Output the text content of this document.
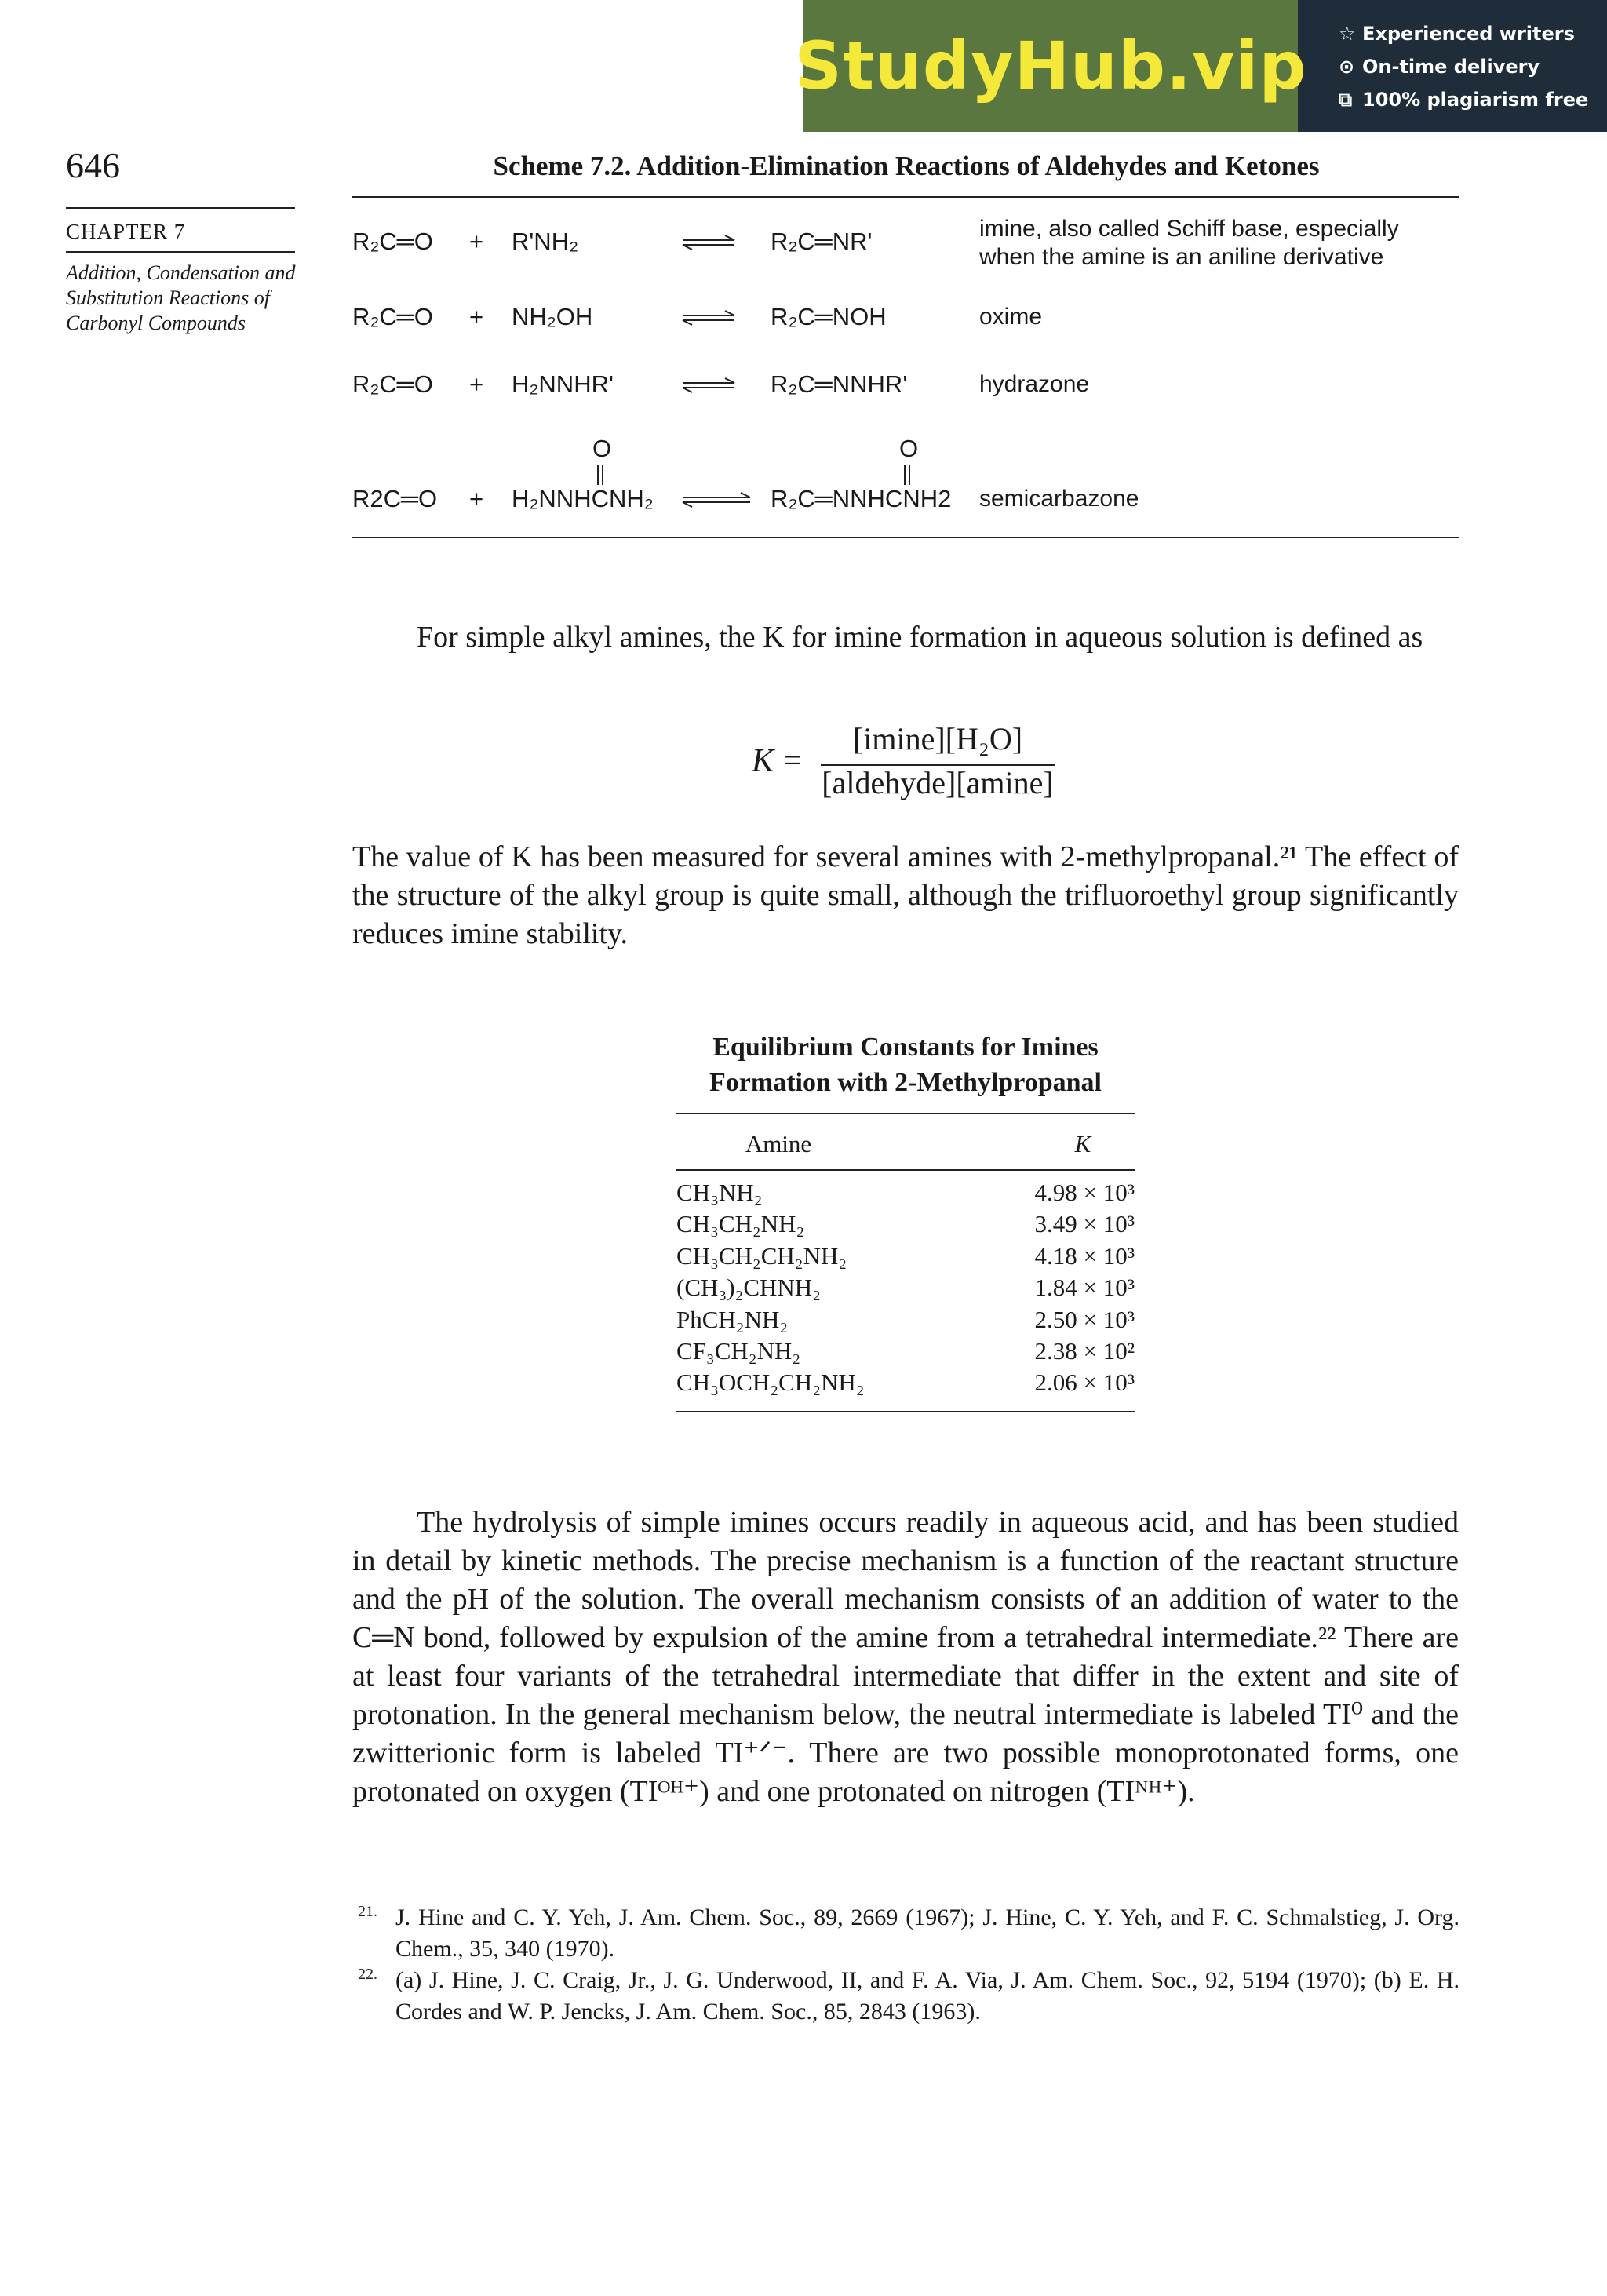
StudyHub.vip ☆ Experienced writers
⊙ On-time delivery
⧉ 100% plagiarism free
646
CHAPTER 7
Addition, Condensation and Substitution Reactions of Carbonyl Compounds
Scheme 7.2. Addition-Elimination Reactions of Aldehydes and Ketones
R₂C═O + R'NH₂	R₂C═NR'	imine, also called Schiff base, especially when the amine is an aniline derivative
R₂C═O + NH₂OH	R₂C═NOH	oxime
R₂C═O + H₂NNHR'	R₂C═NNHR'	hydrazone
O	O
R2C═O + H₂NNHCNH₂	R₂C═NNHCNH2 semicarbazone
For simple alkyl amines, the K for imine formation in aqueous solution is defined as
K =
[imine][H₂O]
[aldehyde][amine]
The value of K has been measured for several amines with 2-methylpropanal.²¹ The effect of the structure of the alkyl group is quite small, although the trifluoroethyl group significantly reduces imine stability.
Equilibrium Constants for Imines Formation with 2-Methylpropanal
Amine	K
CH₃NH₂	4.98 × 10³
CH₃CH₂NH₂	3.49 × 10³
CH₃CH₂CH₂NH₂	4.18 × 10³
(CH₃)₂CHNH₂	1.84 × 10³
PhCH₂NH₂	2.50 × 10³
CF₃CH₂NH₂	2.38 × 10²
CH₃OCH₂CH₂NH₂	2.06 × 10³
The hydrolysis of simple imines occurs readily in aqueous acid, and has been studied in detail by kinetic methods. The precise mechanism is a function of the reactant structure and the pH of the solution. The overall mechanism consists of an addition of water to the C═N bond, followed by expulsion of the amine from a tetrahedral intermediate.²² There are at least four variants of the tetrahedral intermediate that differ in the extent and site of protonation. In the general mechanism below, the neutral intermediate is labeled TI⁰ and the zwitterionic form is labeled TI⁺ᐟ⁻. There are two possible monoprotonated forms, one protonated on oxygen (TIᴼᴴ⁺) and one protonated on nitrogen (TIᴺᴴ⁺).
21. J. Hine and C. Y. Yeh, J. Am. Chem. Soc., 89, 2669 (1967); J. Hine, C. Y. Yeh, and F. C. Schmalstieg, J. Org. Chem., 35, 340 (1970).
22. (a) J. Hine, J. C. Craig, Jr., J. G. Underwood, II, and F. A. Via, J. Am. Chem. Soc., 92, 5194 (1970); (b) E. H. Cordes and W. P. Jencks, J. Am. Chem. Soc., 85, 2843 (1963).
